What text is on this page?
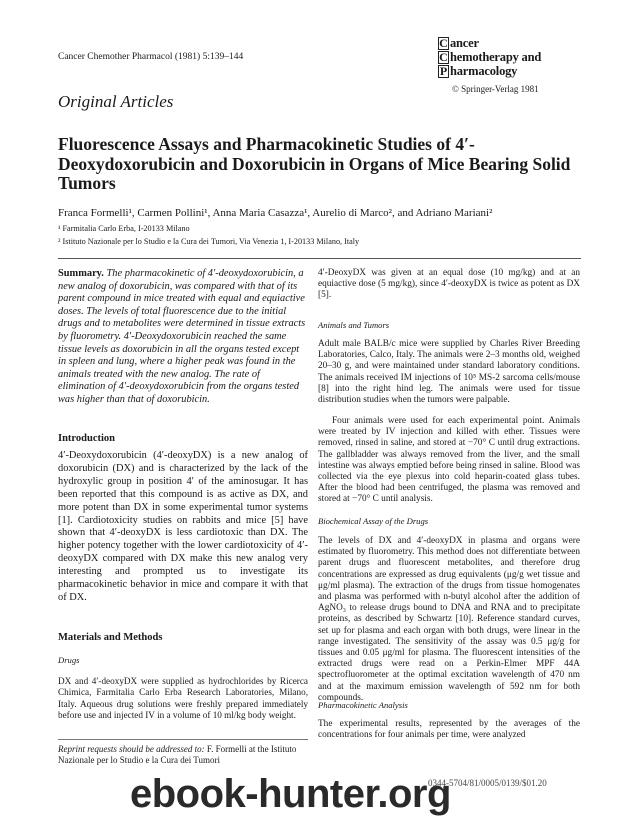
Cancer Chemother Pharmacol (1981) 5:139–144
C ancer
C hemotherapy and
P harmacology
© Springer-Verlag 1981
Original Articles
Fluorescence Assays and Pharmacokinetic Studies of 4′-Deoxydoxorubicin and Doxorubicin in Organs of Mice Bearing Solid Tumors
Franca Formelli¹, Carmen Pollini¹, Anna Maria Casazza¹, Aurelio di Marco², and Adriano Mariani²
¹ Farmitalia Carlo Erba, I-20133 Milano
² Istituto Nazionale per lo Studio e la Cura dei Tumori, Via Venezia 1, I-20133 Milano, Italy
Summary. The pharmacokinetic of 4′-deoxydoxorubicin, a new analog of doxorubicin, was compared with that of its parent compound in mice treated with equal and equiactive doses. The levels of total fluorescence due to the initial drugs and to metabolites were determined in tissue extracts by fluorometry. 4′-Deoxydoxorubicin reached the same tissue levels as doxorubicin in all the organs tested except in spleen and lung, where a higher peak was found in the animals treated with the new analog. The rate of elimination of 4′-deoxydoxorubicin from the organs tested was higher than that of doxorubicin.
Introduction
4′-Deoxydoxorubicin (4′-deoxyDX) is a new analog of doxorubicin (DX) and is characterized by the lack of the hydroxylic group in position 4′ of the aminosugar. It has been reported that this compound is as active as DX, and more potent than DX in some experimental tumor systems [1]. Cardiotoxicity studies on rabbits and mice [5] have shown that 4′-deoxyDX is less cardiotoxic than DX. The higher potency together with the lower cardiotoxicity of 4′-deoxyDX compared with DX make this new analog very interesting and prompted us to investigate its pharmacokinetic behavior in mice and compare it with that of DX.
Materials and Methods
Drugs
DX and 4′-deoxyDX were supplied as hydrochlorides by Ricerca Chimica, Farmitalia Carlo Erba Research Laboratories, Milano, Italy. Aqueous drug solutions were freshly prepared immediately before use and injected IV in a volume of 10 ml/kg body weight.
Reprint requests should be addressed to: F. Formelli at the Istituto Nazionale per lo Studio e la Cura dei Tumori
4′-DeoxyDX was given at an equal dose (10 mg/kg) and at an equiactive dose (5 mg/kg), since 4′-deoxyDX is twice as potent as DX [5].
Animals and Tumors
Adult male BALB/c mice were supplied by Charles River Breeding Laboratories, Calco, Italy. The animals were 2–3 months old, weighed 20–30 g, and were maintained under standard laboratory conditions. The animals received IM injections of 10⁵ MS-2 sarcoma cells/mouse [8] into the right hind leg. The animals were used for tissue distribution studies when the tumors were palpable.
Four animals were used for each experimental point. Animals were treated by IV injection and killed with ether. Tissues were removed, rinsed in saline, and stored at −70° C until drug extractions. The gallbladder was always removed from the liver, and the small intestine was always emptied before being rinsed in saline. Blood was collected via the eye plexus into cold heparin-coated glass tubes. After the blood had been centrifuged, the plasma was removed and stored at −70° C until analysis.
Biochemical Assay of the Drugs
The levels of DX and 4′-deoxyDX in plasma and organs were estimated by fluorometry. This method does not differentiate between parent drugs and fluorescent metabolites, and therefore drug concentrations are expressed as drug equivalents (μg/g wet tissue and μg/ml plasma). The extraction of the drugs from tissue homogenates and plasma was performed with n-butyl alcohol after the addition of AgNO₃ to release drugs bound to DNA and RNA and to precipitate proteins, as described by Schwartz [10]. Reference standard curves, set up for plasma and each organ with both drugs, were linear in the range investigated. The sensitivity of the assay was 0.5 μg/g for tissues and 0.05 μg/ml for plasma. The fluorescent intensities of the extracted drugs were read on a Perkin-Elmer MPF 44A spectrofluorometer at the optimal excitation wavelength of 470 nm and at the maximum emission wavelength of 592 nm for both compounds.
Pharmacokinetic Analysis
The experimental results, represented by the averages of the concentrations for four animals per time, were analyzed
0344-5704/81/0005/0139/$01.20
ebook-hunter.org
